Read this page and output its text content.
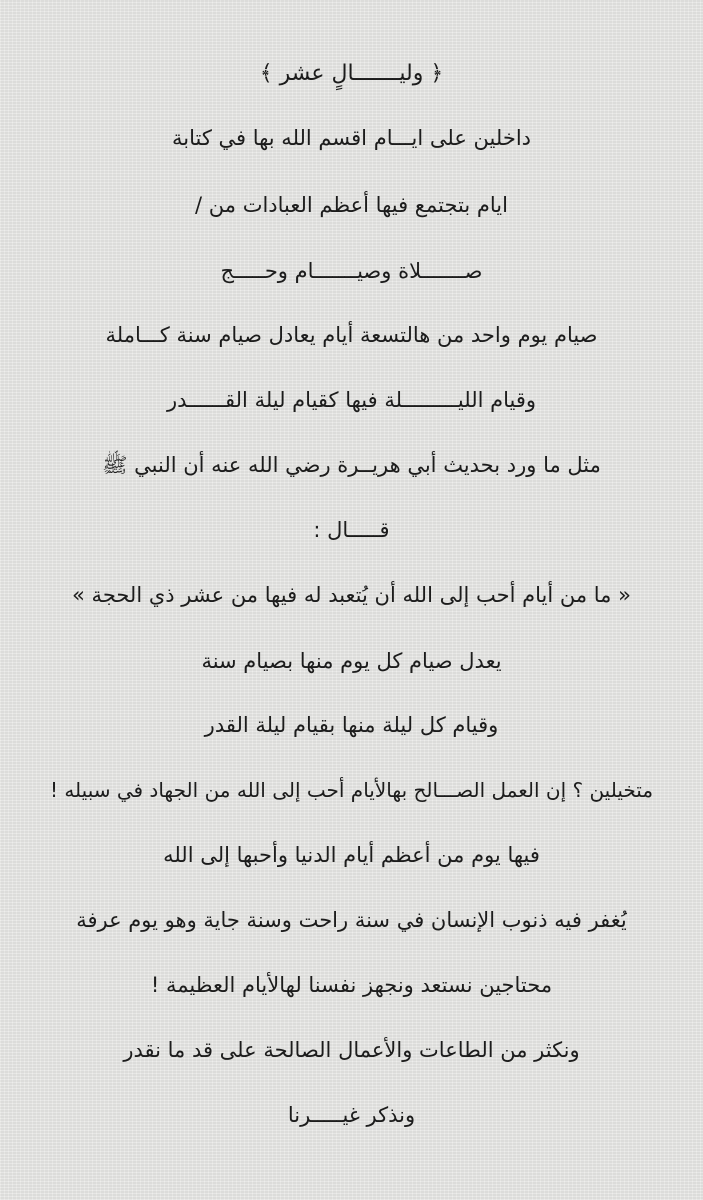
﴿ وليـــــــالٍ عشر ﴾
داخلين على ايـــام اقسم الله بها في كتابة
ايام بتجتمع فيها أعظم العبادات من /
صـــــــلاة وصيـــــــام وحـــــج
صيام يوم واحد من هالتسعة أيام يعادل صيام سنة كـــاملة
وقيام الليـــــــــلة فيها كقيام ليلة القــــــدر
مثل ما ورد بحديث أبي هريــرة رضي الله عنه أن النبي ﷺ
قـــــال :
« ما من أيام أحب إلى الله أن يُتعبد له فيها من عشر ذي الحجة »
يعدل صيام كل يوم منها بصيام سنة
وقيام كل ليلة منها بقيام ليلة القدر
متخيلين ؟ إن العمل الصـــالح بهالأيام أحب إلى الله من الجهاد في سبيله !
فيها يوم من أعظم أيام الدنيا وأحبها إلى الله
يُغفر فيه ذنوب الإنسان في سنة راحت وسنة جاية وهو يوم عرفة
محتاجين نستعد ونجهز نفسنا لهالأيام العظيمة !
ونكثر من الطاعات والأعمال الصالحة على قد ما نقدر
ونذكر غيـــــرنا
